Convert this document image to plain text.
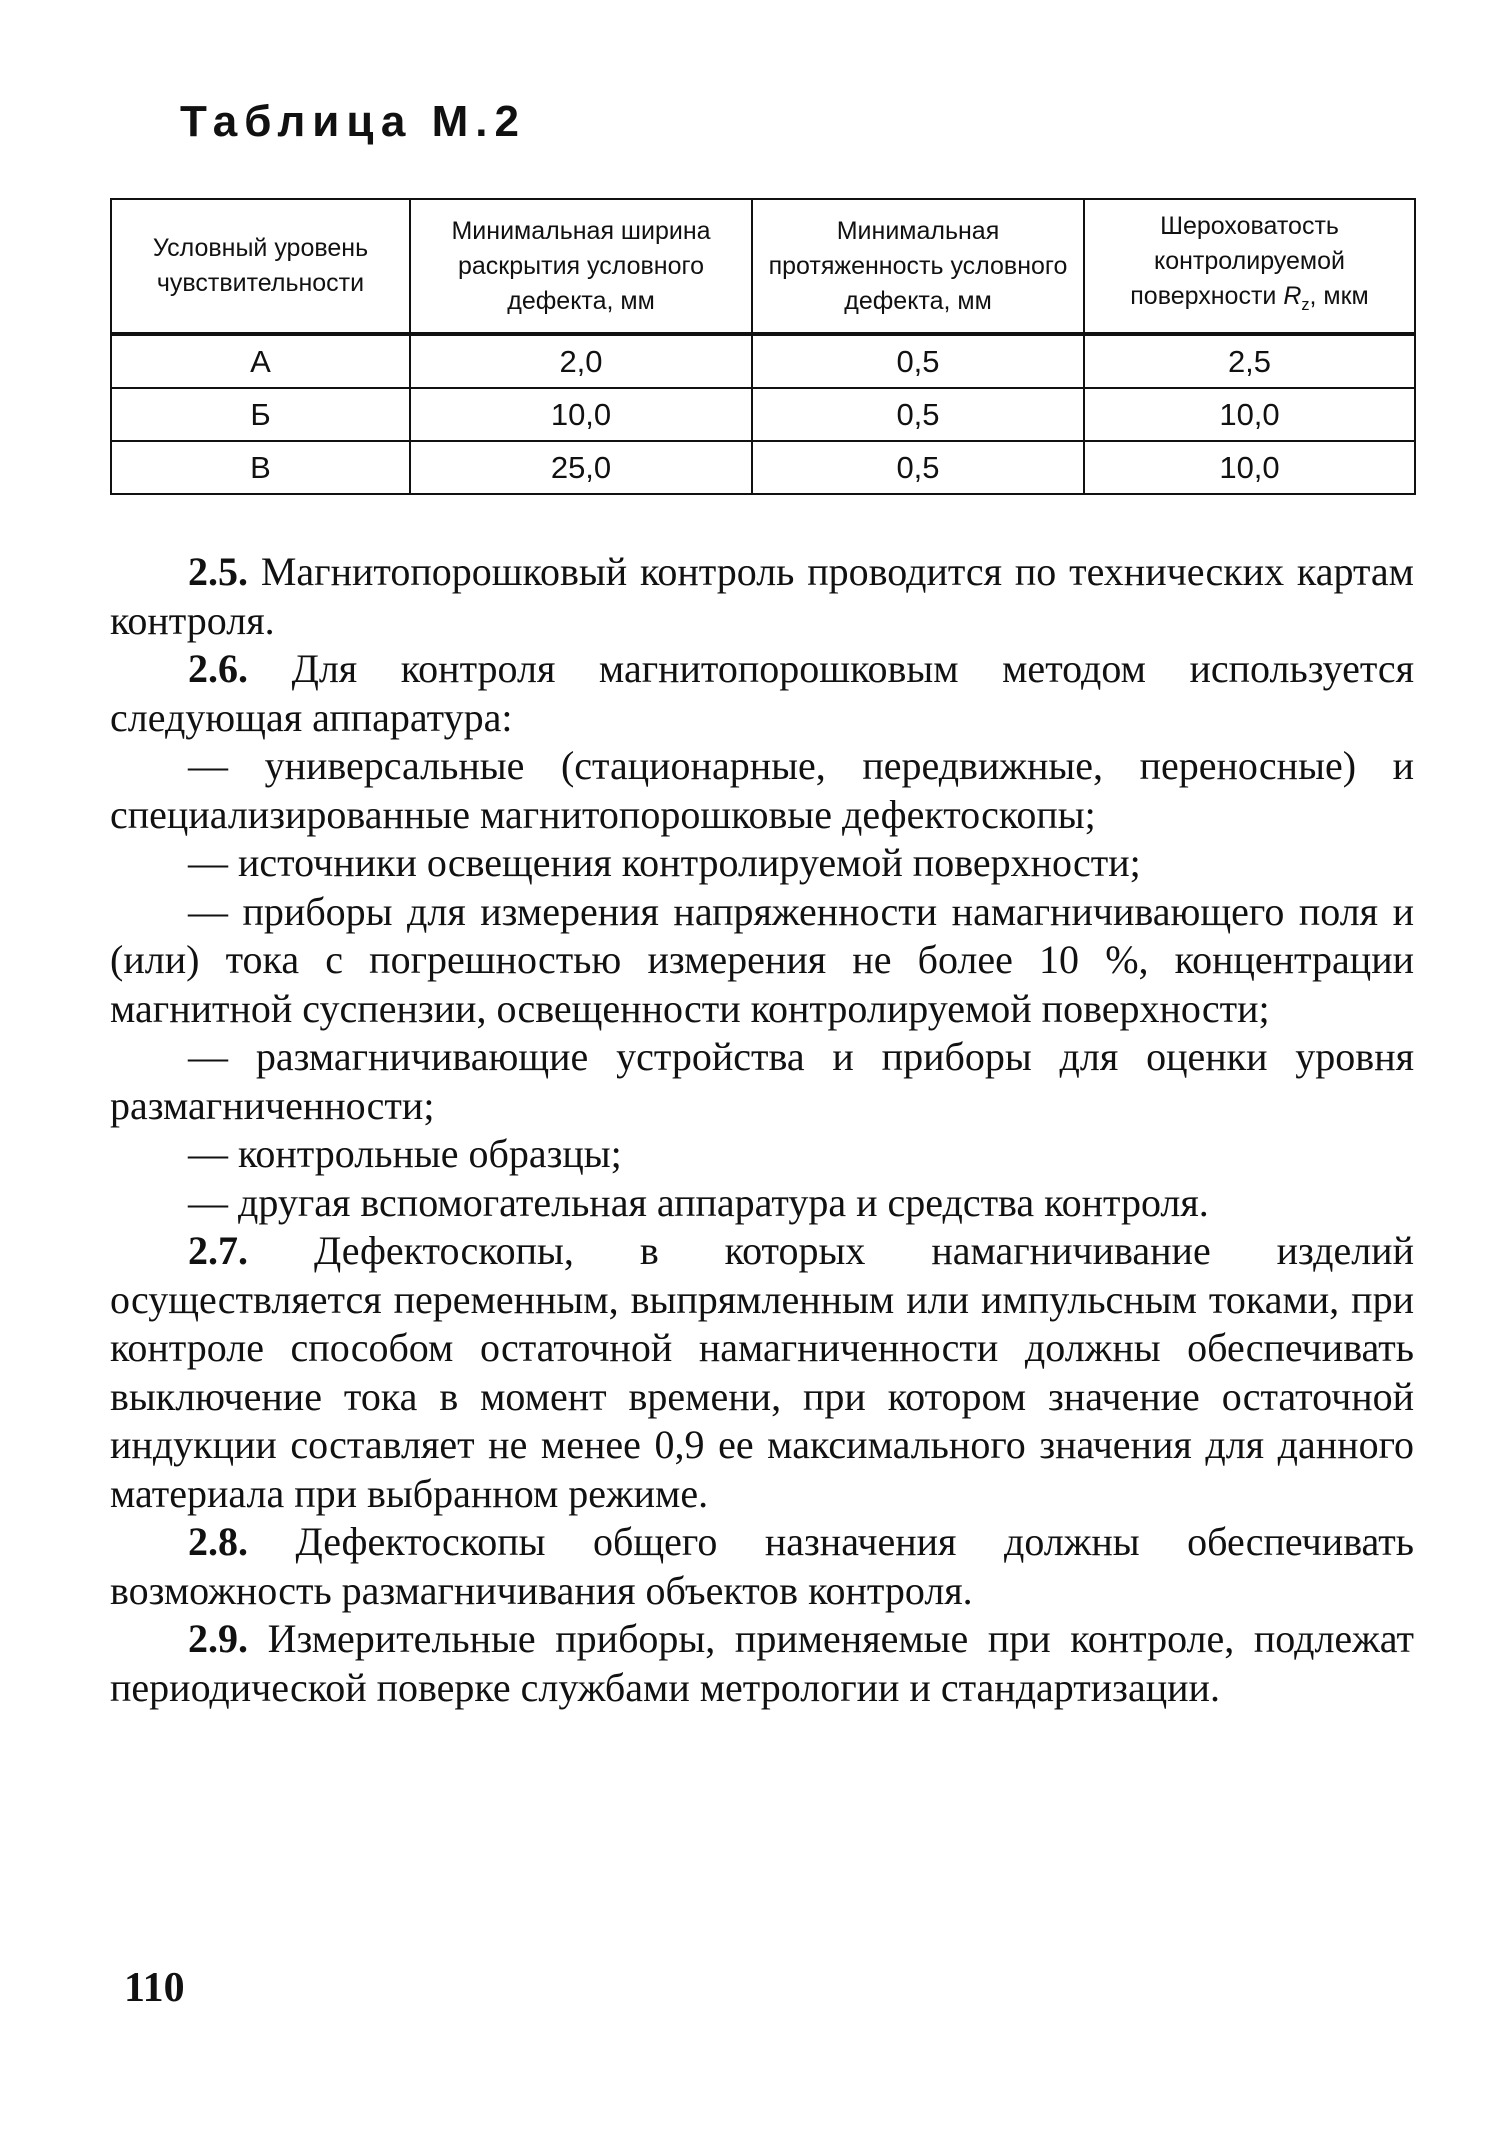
Таблица М.2
Условный уровень чувствительности	Минимальная ширина раскрытия условного дефекта, мм	Минимальная протяженность условного дефекта, мм	Шероховатость контролируемой поверхности $R_z$, мкм
А	2,0	0,5	2,5
Б	10,0	0,5	10,0
В	25,0	0,5	10,0

2.5. Магнитопорошковый контроль проводится по технических картам контроля.

2.6. Для контроля магнитопорошковым методом используется следующая аппаратура:

— универсальные (стационарные, передвижные, переносные) и специализированные магнитопорошковые дефектоскопы;

— источники освещения контролируемой поверхности;

— приборы для измерения напряженности намагничивающего поля и (или) тока с погрешностью измерения не более 10 %, концентрации магнитной суспензии, освещенности контролируемой поверхности;

— размагничивающие устройства и приборы для оценки уровня размагниченности;

— контрольные образцы;

— другая вспомогательная аппаратура и средства контроля.

2.7. Дефектоскопы, в которых намагничивание изделий осуществляется переменным, выпрямленным или импульсным токами, при контроле способом остаточной намагниченности должны обеспечивать выключение тока в момент времени, при котором значение остаточной индукции составляет не менее 0,9 ее максимального значения для данного материала при выбранном режиме.

2.8. Дефектоскопы общего назначения должны обеспечивать возможность размагничивания объектов контроля.

2.9. Измерительные приборы, применяемые при контроле, подлежат периодической поверке службами метрологии и стандартизации.

110
